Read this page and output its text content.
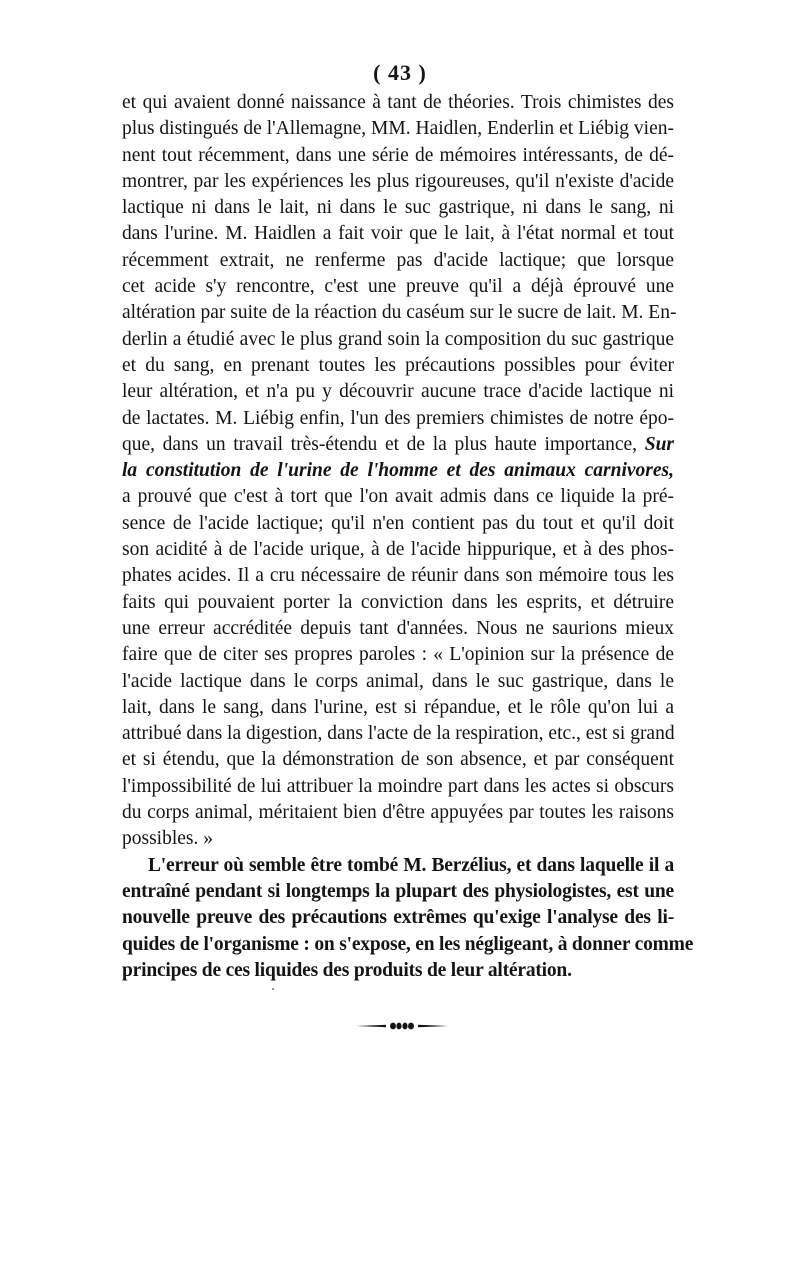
( 43 )
et qui avaient donné naissance à tant de théories. Trois chimistes des
plus distingués de l'Allemagne, MM. Haidlen, Enderlin et Liébig vien-
nent tout récemment, dans une série de mémoires intéressants, de dé-
montrer, par les expériences les plus rigoureuses, qu'il n'existe d'acide
lactique ni dans le lait, ni dans le suc gastrique, ni dans le sang, ni
dans l'urine. M. Haidlen a fait voir que le lait, à l'état normal et tout
récemment extrait, ne renferme pas d'acide lactique; que lorsque
cet acide s'y rencontre, c'est une preuve qu'il a déjà éprouvé une
altération par suite de la réaction du caséum sur le sucre de lait. M. En-
derlin a étudié avec le plus grand soin la composition du suc gastrique
et du sang, en prenant toutes les précautions possibles pour éviter
leur altération, et n'a pu y découvrir aucune trace d'acide lactique ni
de lactates. M. Liébig enfin, l'un des premiers chimistes de notre épo-
que, dans un travail très-étendu et de la plus haute importance, Sur
la constitution de l'urine de l'homme et des animaux carnivores,
a prouvé que c'est à tort que l'on avait admis dans ce liquide la pré-
sence de l'acide lactique; qu'il n'en contient pas du tout et qu'il doit
son acidité à de l'acide urique, à de l'acide hippurique, et à des phos-
phates acides. Il a cru nécessaire de réunir dans son mémoire tous les
faits qui pouvaient porter la conviction dans les esprits, et détruire
une erreur accréditée depuis tant d'années. Nous ne saurions mieux
faire que de citer ses propres paroles : « L'opinion sur la présence de
l'acide lactique dans le corps animal, dans le suc gastrique, dans le
lait, dans le sang, dans l'urine, est si répandue, et le rôle qu'on lui a
attribué dans la digestion, dans l'acte de la respiration, etc., est si grand
et si étendu, que la démonstration de son absence, et par conséquent
l'impossibilité de lui attribuer la moindre part dans les actes si obscurs
du corps animal, méritaient bien d'être appuyées par toutes les raisons
possibles. »
L'erreur où semble être tombé M. Berzélius, et dans laquelle il a
entraîné pendant si longtemps la plupart des physiologistes, est une
nouvelle preuve des précautions extrêmes qu'exige l'analyse des li-
quides de l'organisme : on s'expose, en les négligeant, à donner comme
principes de ces liquides des produits de leur altération.
